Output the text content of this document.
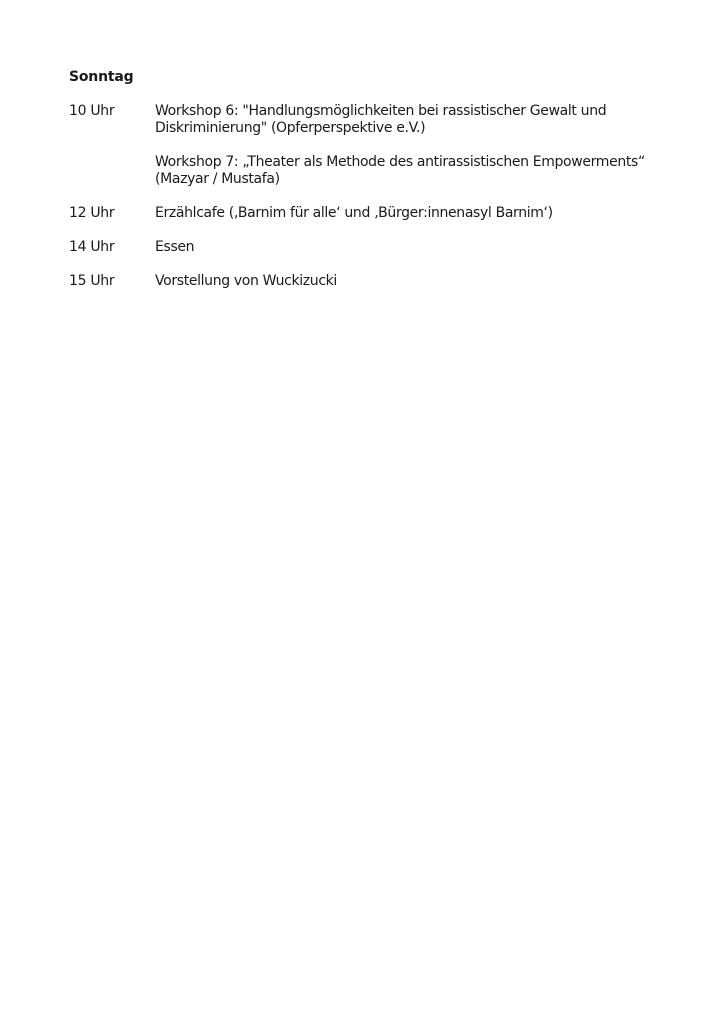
Sonntag
10 Uhr	Workshop 6: "Handlungsmöglichkeiten bei rassistischer Gewalt und Diskriminierung" (Opferperspektive e.V.)

Workshop 7: „Theater als Methode des antirassistischen Empowerments“ (Mazyar / Mustafa)

12 Uhr	Erzählcafe (‚Barnim für alle‘ und ‚Bürger:innenasyl Barnim‘)

14 Uhr	Essen

15 Uhr	Vorstellung von Wuckizucki
